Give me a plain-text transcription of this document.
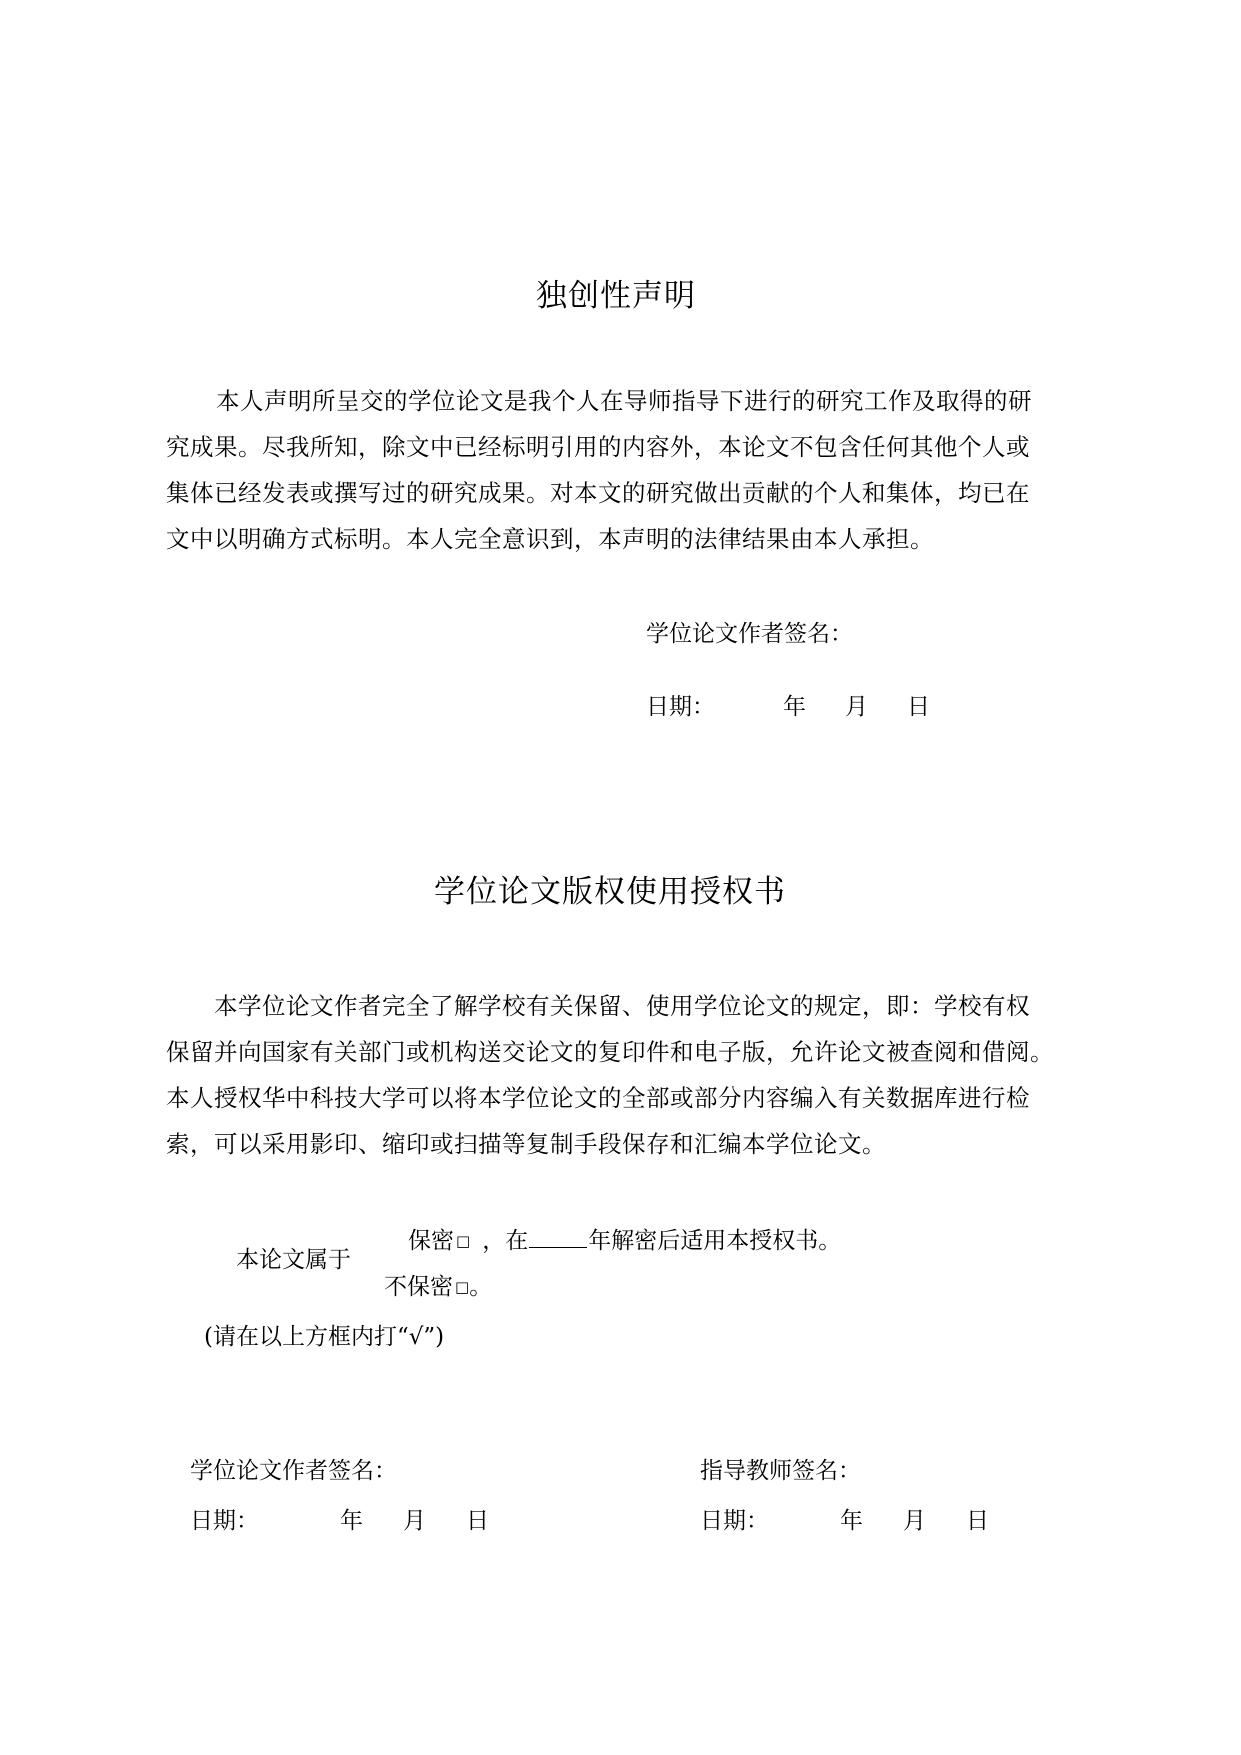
独创性声明
本人声明所呈交的学位论文是我个人在导师指导下进行的研究工作及取得的研
究成果。尽我所知，除文中已经标明引用的内容外，本论文不包含任何其他个人或
集体已经发表或撰写过的研究成果。对本文的研究做出贡献的个人和集体，均已在
文中以明确方式标明。本人完全意识到，本声明的法律结果由本人承担。
学位论文作者签名：
日期：	年 月 日
学位论文版权使用授权书
本学位论文作者完全了解学校有关保留、使用学位论文的规定，即：学校有权
保留并向国家有关部门或机构送交论文的复印件和电子版，允许论文被查阅和借阅。
本人授权华中科技大学可以将本学位论文的全部或部分内容编入有关数据库进行检
索，可以采用影印、缩印或扫描等复制手段保存和汇编本学位论文。
本论文属于
保密 □ ，在	年解密后适用本授权书。
不保密 □。
(请在以上方框内打“√”)
学位论文作者签名：	指导教师签名：
日期：	年 月 日	日期：	年 月 日
